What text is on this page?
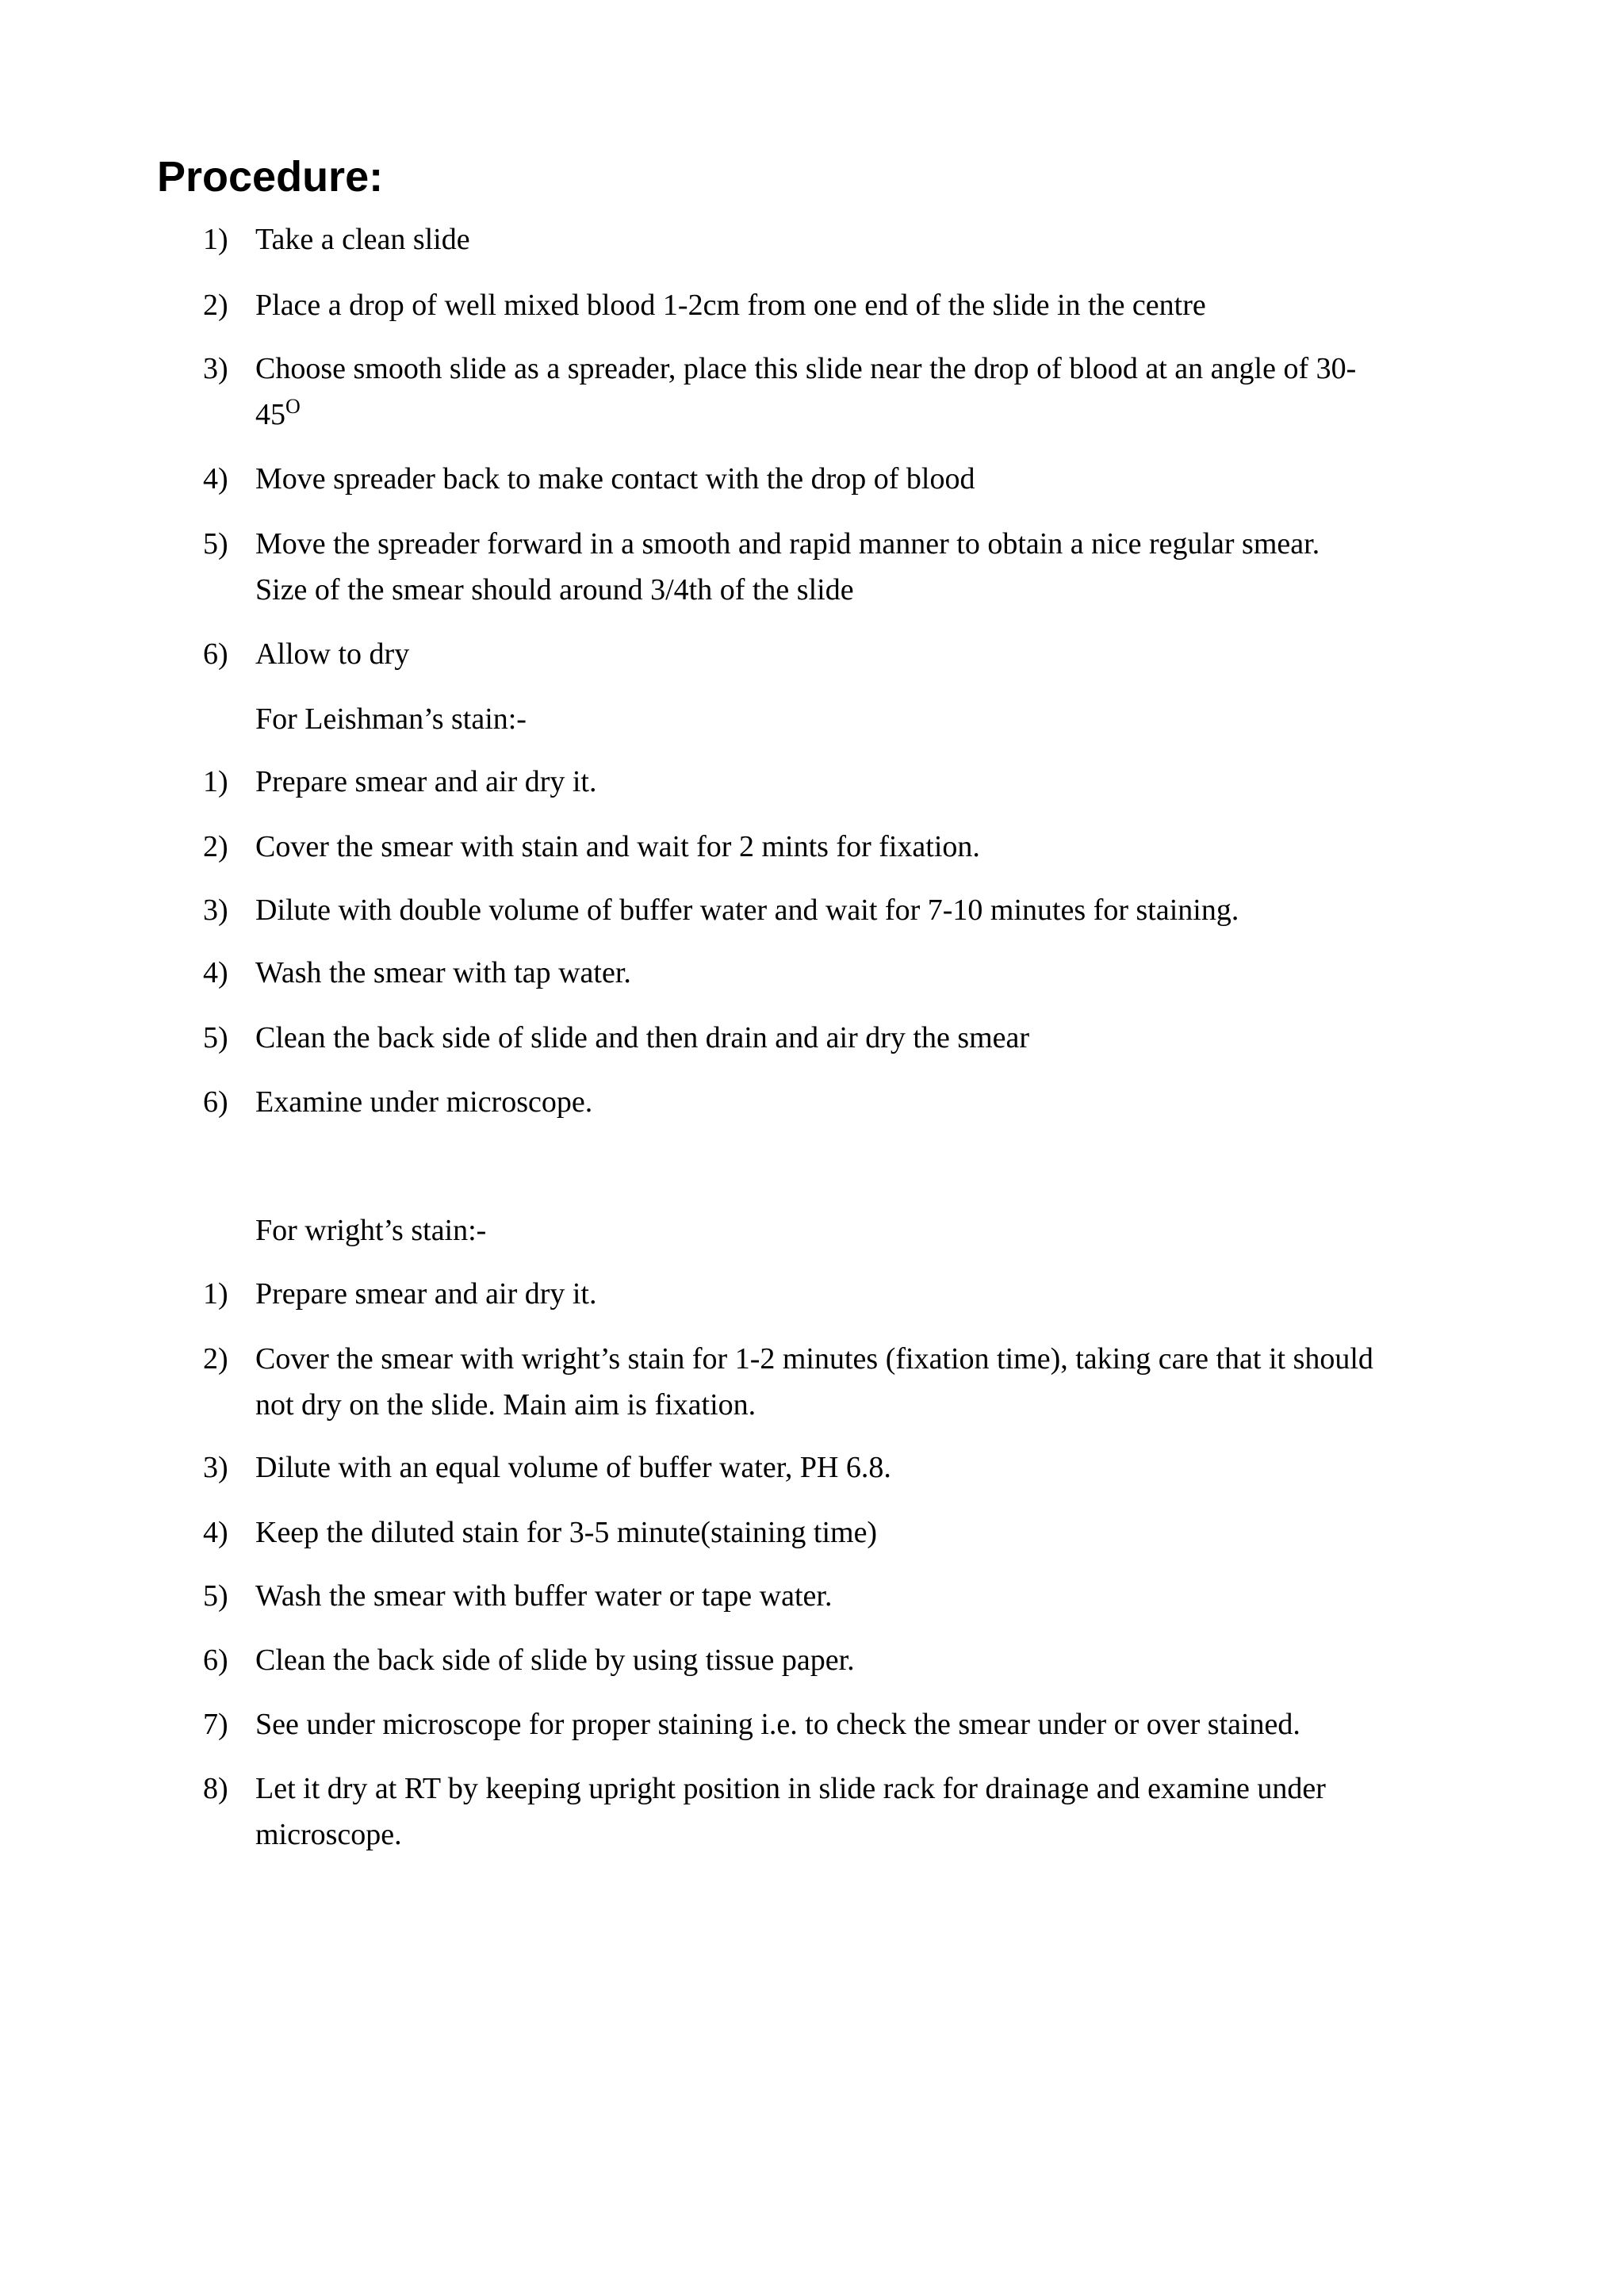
Procedure:
1) Take a clean slide
2) Place a drop of well mixed blood 1-2cm from one end of the slide in the centre
3) Choose smooth slide as a spreader, place this slide near the drop of blood at an angle of 30-
$45^O$
4) Move spreader back to make contact with the drop of blood
5) Move the spreader forward in a smooth and rapid manner to obtain a nice regular smear.
Size of the smear should around 3/4th of the slide
6) Allow to dry
For Leishman’s stain:-
1) Prepare smear and air dry it.
2) Cover the smear with stain and wait for 2 mints for fixation.
3) Dilute with double volume of buffer water and wait for 7-10 minutes for staining.
4) Wash the smear with tap water.
5) Clean the back side of slide and then drain and air dry the smear
6) Examine under microscope.
For wright’s stain:-
1) Prepare smear and air dry it.
2) Cover the smear with wright’s stain for 1-2 minutes (fixation time), taking care that it should
not dry on the slide. Main aim is fixation.
3) Dilute with an equal volume of buffer water, PH 6.8.
4) Keep the diluted stain for 3-5 minute(staining time)
5) Wash the smear with buffer water or tape water.
6) Clean the back side of slide by using tissue paper.
7) See under microscope for proper staining i.e. to check the smear under or over stained.
8) Let it dry at RT by keeping upright position in slide rack for drainage and examine under
microscope.
